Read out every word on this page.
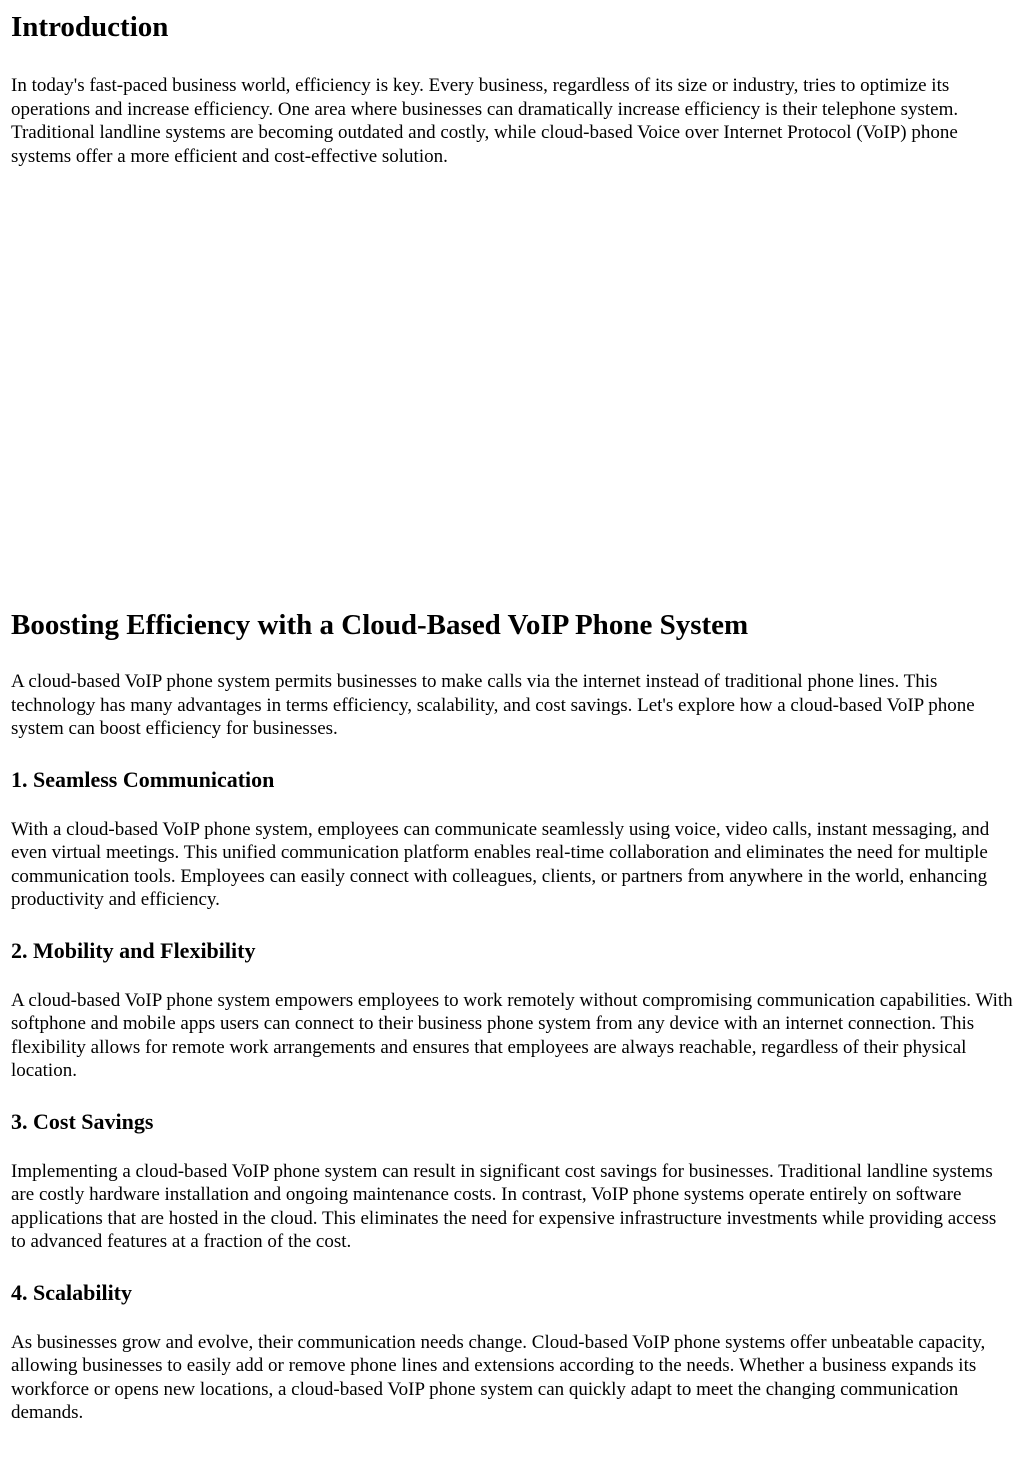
Introduction

In today's fast-paced business world, efficiency is key. Every business, regardless of its size or industry, tries to optimize its operations and increase efficiency. One area where businesses can dramatically increase efficiency is their telephone system. Traditional landline systems are becoming outdated and costly, while cloud-based Voice over Internet Protocol (VoIP) phone systems offer a more efficient and cost-effective solution.

Boosting Efficiency with a Cloud-Based VoIP Phone System

A cloud-based VoIP phone system permits businesses to make calls via the internet instead of traditional phone lines. This technology has many advantages in terms efficiency, scalability, and cost savings. Let's explore how a cloud-based VoIP phone system can boost efficiency for businesses.

1. Seamless Communication

With a cloud-based VoIP phone system, employees can communicate seamlessly using voice, video calls, instant messaging, and even virtual meetings. This unified communication platform enables real-time collaboration and eliminates the need for multiple communication tools. Employees can easily connect with colleagues, clients, or partners from anywhere in the world, enhancing productivity and efficiency.

2. Mobility and Flexibility

A cloud-based VoIP phone system empowers employees to work remotely without compromising communication capabilities. With softphone and mobile apps users can connect to their business phone system from any device with an internet connection. This flexibility allows for remote work arrangements and ensures that employees are always reachable, regardless of their physical location.

3. Cost Savings

Implementing a cloud-based VoIP phone system can result in significant cost savings for businesses. Traditional landline systems are costly hardware installation and ongoing maintenance costs. In contrast, VoIP phone systems operate entirely on software applications that are hosted in the cloud. This eliminates the need for expensive infrastructure investments while providing access to advanced features at a fraction of the cost.

4. Scalability

As businesses grow and evolve, their communication needs change. Cloud-based VoIP phone systems offer unbeatable capacity, allowing businesses to easily add or remove phone lines and extensions according to the needs. Whether a business expands its workforce or opens new locations, a cloud-based VoIP phone system can quickly adapt to meet the changing communication demands.
